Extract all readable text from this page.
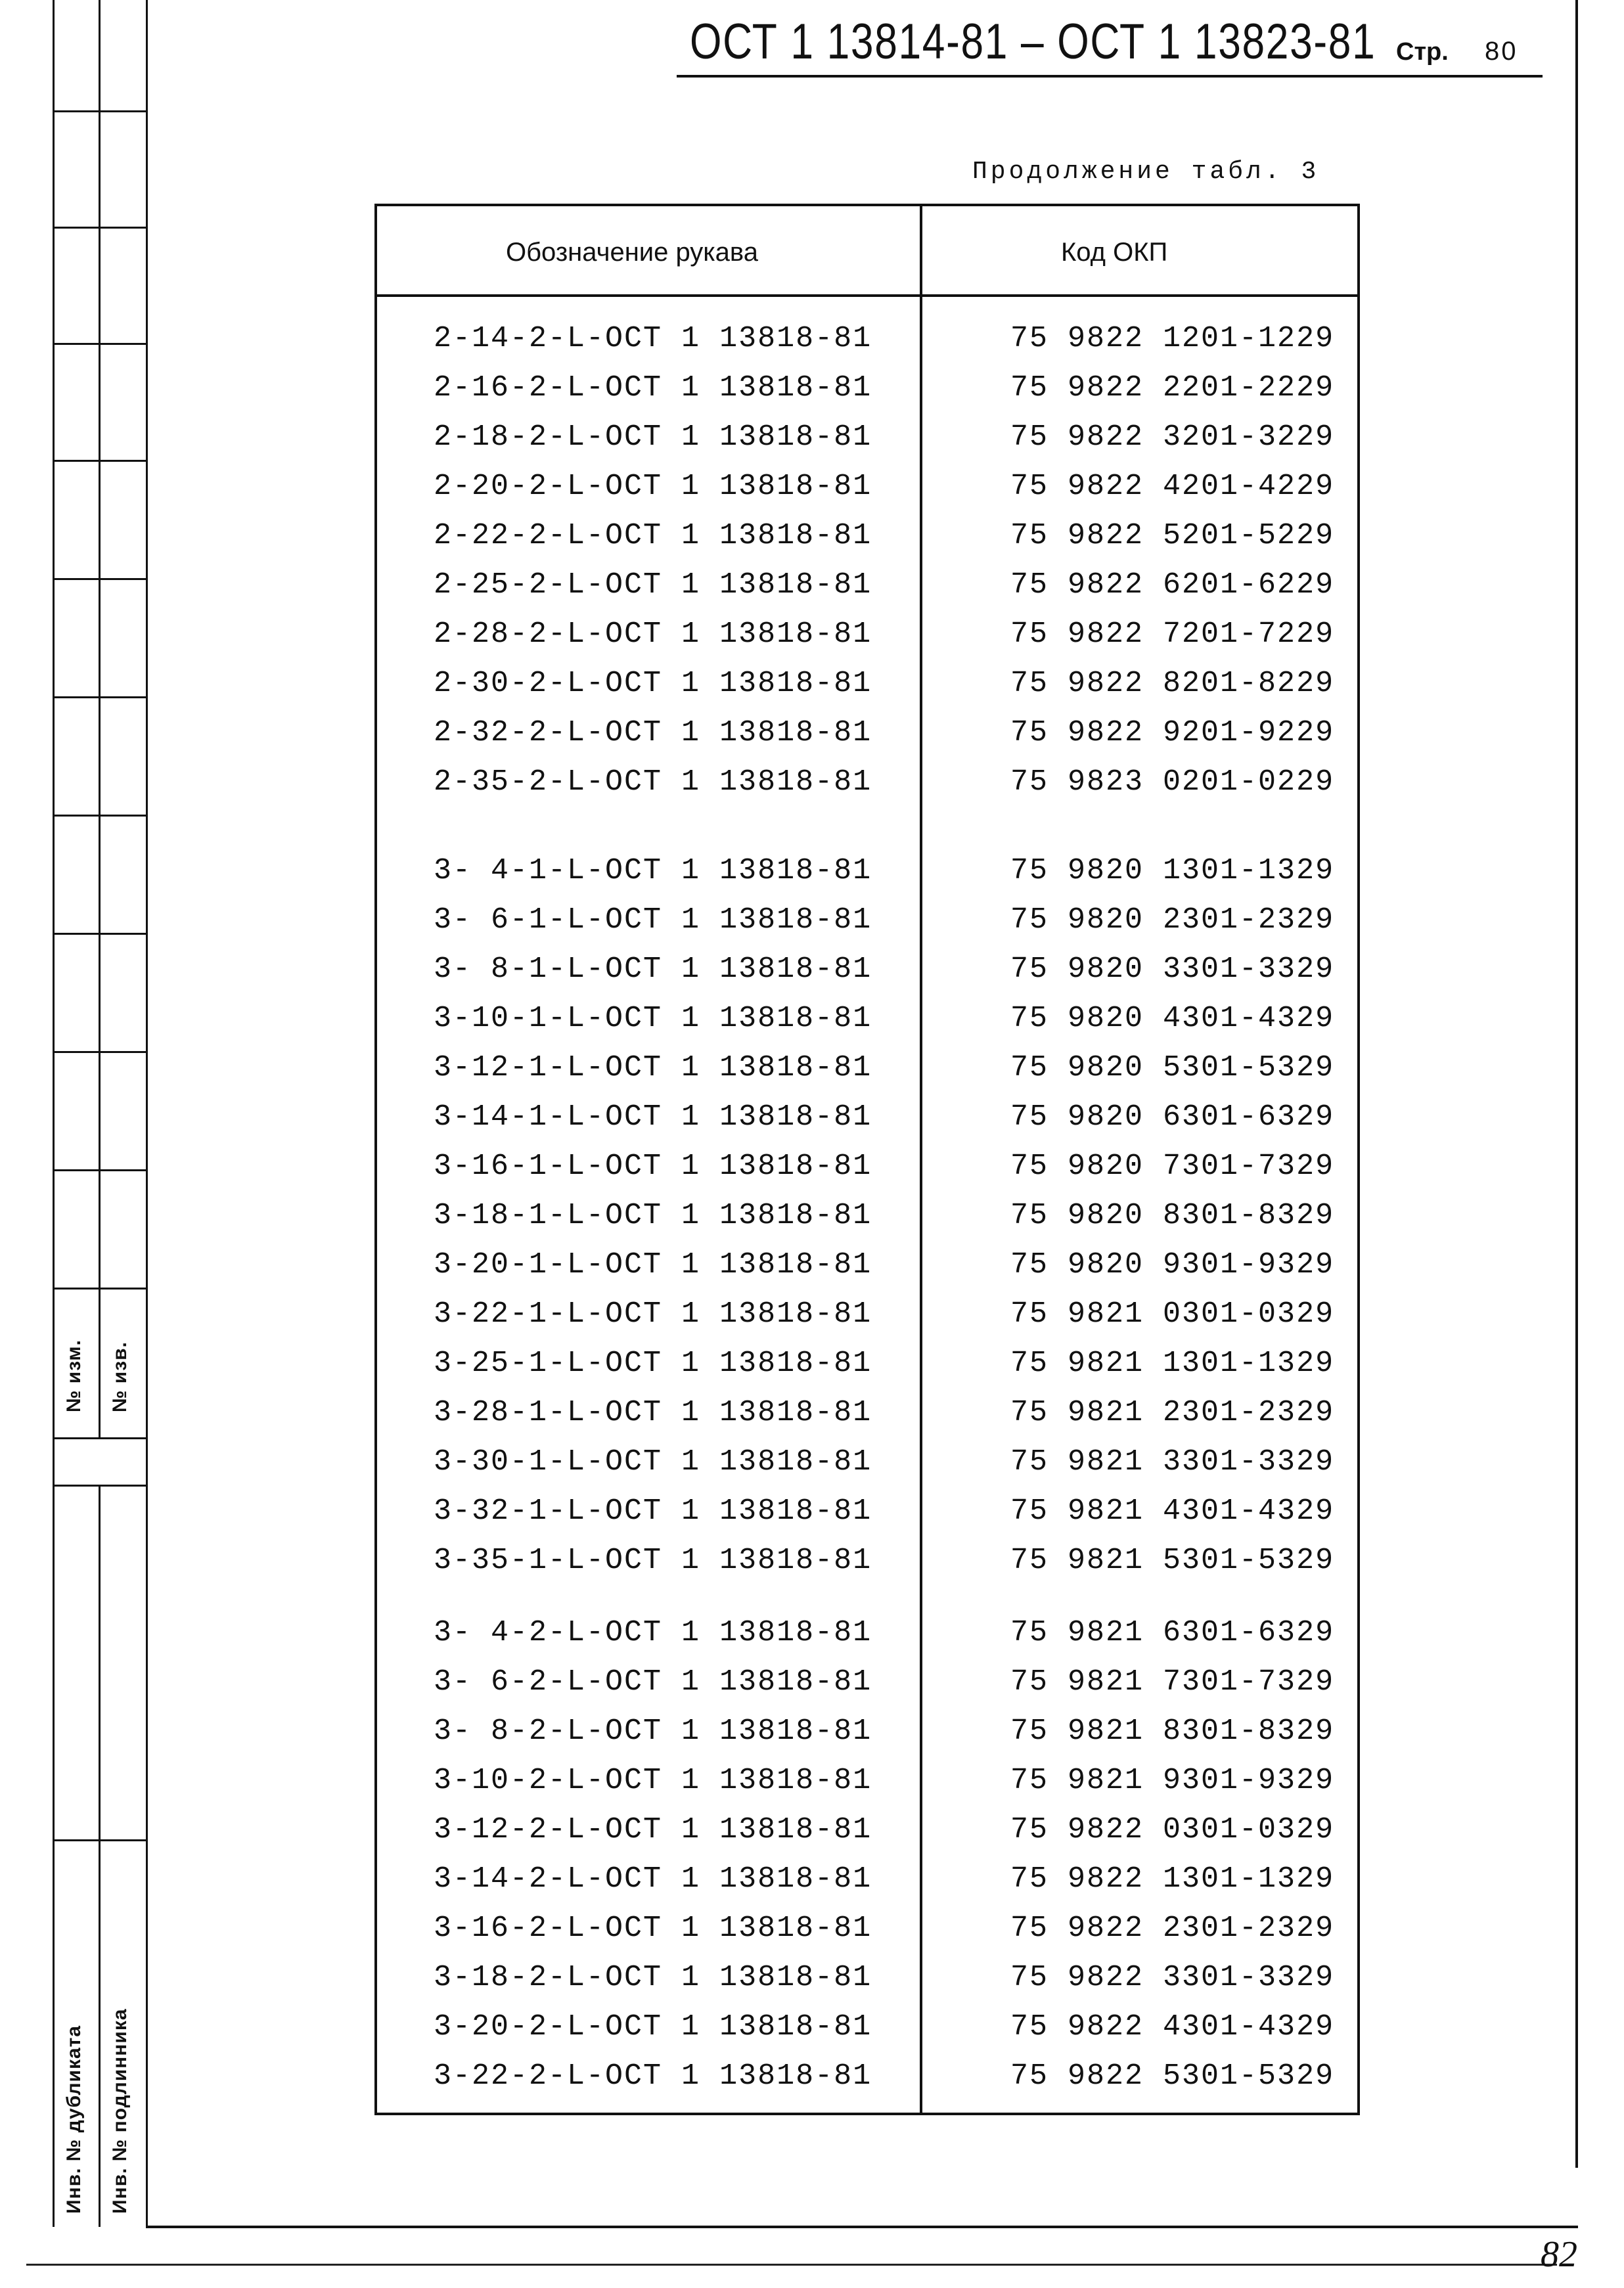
№ изм. № изв.
Инв. № дубликата Инв. № подлинника
ОСТ 1 13814-81 – ОСТ 1 13823-81 Стр. 80
Продолжение табл. 3
Обозначение рукава	Код ОКП
2-14-2-L-ОСТ 1 13818-81	75 9822 1201-1229
2-16-2-L-ОСТ 1 13818-81	75 9822 2201-2229
2-18-2-L-ОСТ 1 13818-81	75 9822 3201-3229
2-20-2-L-ОСТ 1 13818-81	75 9822 4201-4229
2-22-2-L-ОСТ 1 13818-81	75 9822 5201-5229
2-25-2-L-ОСТ 1 13818-81	75 9822 6201-6229
2-28-2-L-ОСТ 1 13818-81	75 9822 7201-7229
2-30-2-L-ОСТ 1 13818-81	75 9822 8201-8229
2-32-2-L-ОСТ 1 13818-81	75 9822 9201-9229
2-35-2-L-ОСТ 1 13818-81	75 9823 0201-0229
3- 4-1-L-ОСТ 1 13818-81	75 9820 1301-1329
3- 6-1-L-ОСТ 1 13818-81	75 9820 2301-2329
3- 8-1-L-ОСТ 1 13818-81	75 9820 3301-3329
3-10-1-L-ОСТ 1 13818-81	75 9820 4301-4329
3-12-1-L-ОСТ 1 13818-81	75 9820 5301-5329
3-14-1-L-ОСТ 1 13818-81	75 9820 6301-6329
3-16-1-L-ОСТ 1 13818-81	75 9820 7301-7329
3-18-1-L-ОСТ 1 13818-81	75 9820 8301-8329
3-20-1-L-ОСТ 1 13818-81	75 9820 9301-9329
3-22-1-L-ОСТ 1 13818-81	75 9821 0301-0329
3-25-1-L-ОСТ 1 13818-81	75 9821 1301-1329
3-28-1-L-ОСТ 1 13818-81	75 9821 2301-2329
3-30-1-L-ОСТ 1 13818-81	75 9821 3301-3329
3-32-1-L-ОСТ 1 13818-81	75 9821 4301-4329
3-35-1-L-ОСТ 1 13818-81	75 9821 5301-5329
3- 4-2-L-ОСТ 1 13818-81	75 9821 6301-6329
3- 6-2-L-ОСТ 1 13818-81	75 9821 7301-7329
3- 8-2-L-ОСТ 1 13818-81	75 9821 8301-8329
3-10-2-L-ОСТ 1 13818-81	75 9821 9301-9329
3-12-2-L-ОСТ 1 13818-81	75 9822 0301-0329
3-14-2-L-ОСТ 1 13818-81	75 9822 1301-1329
3-16-2-L-ОСТ 1 13818-81	75 9822 2301-2329
3-18-2-L-ОСТ 1 13818-81	75 9822 3301-3329
3-20-2-L-ОСТ 1 13818-81	75 9822 4301-4329
3-22-2-L-ОСТ 1 13818-81	75 9822 5301-5329
82
